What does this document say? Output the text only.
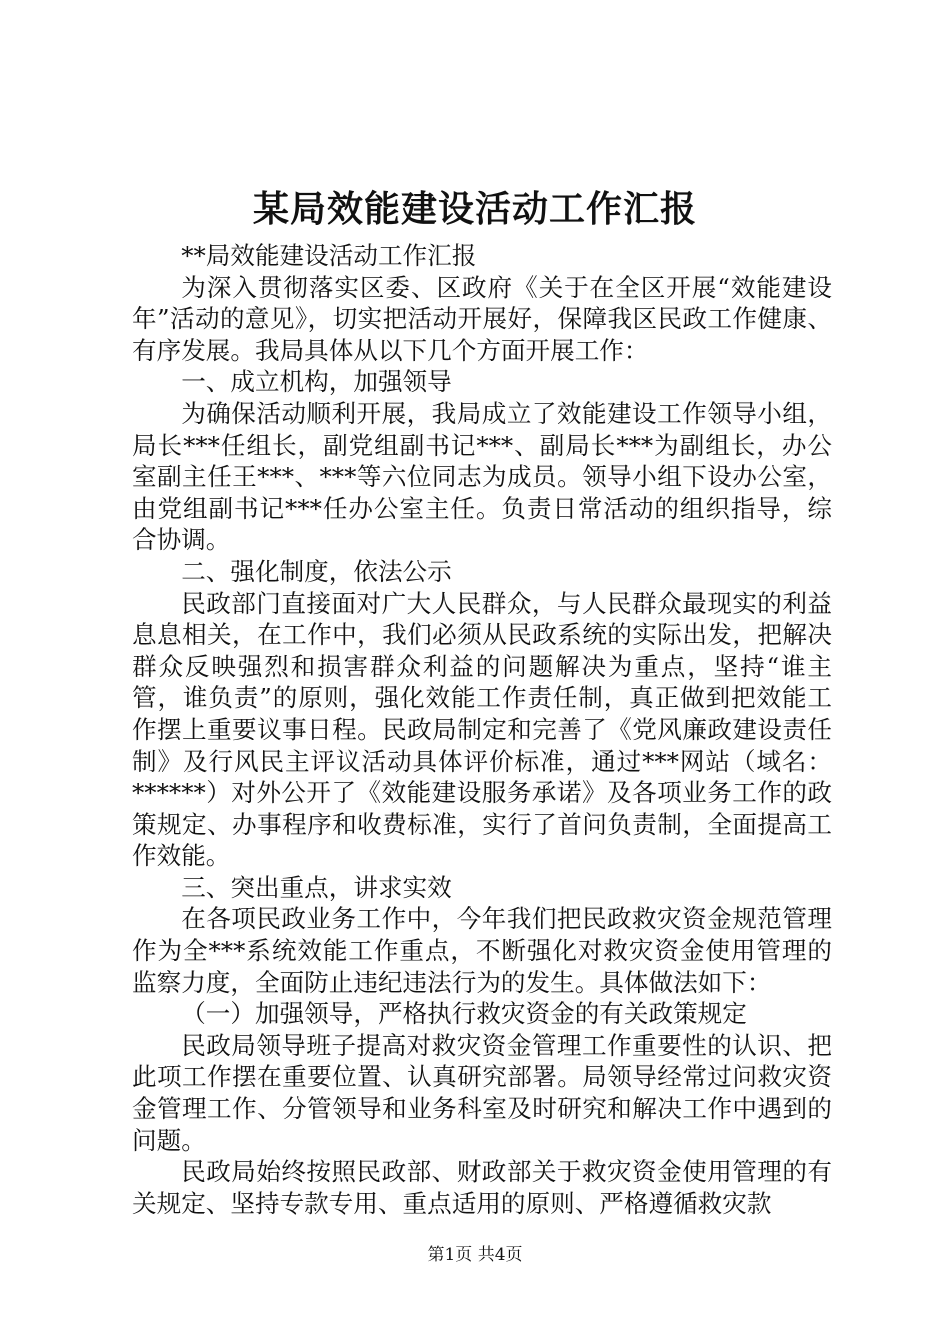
某局效能建设活动工作汇报

**局效能建设活动工作汇报

为深入贯彻落实区委、区政府《关于在全区开展“效能建设年”活动的意见》，切实把活动开展好，保障我区民政工作健康、有序发展。我局具体从以下几个方面开展工作：

一、成立机构，加强领导

为确保活动顺利开展，我局成立了效能建设工作领导小组，局长***任组长，副党组副书记***、副局长***为副组长，办公室副主任王***、***等六位同志为成员。领导小组下设办公室，由党组副书记***任办公室主任。负责日常活动的组织指导，综合协调。

二、强化制度，依法公示

民政部门直接面对广大人民群众，与人民群众最现实的利益息息相关，在工作中，我们必须从民政系统的实际出发，把解决群众反映强烈和损害群众利益的问题解决为重点，坚持“谁主管，谁负责”的原则，强化效能工作责任制，真正做到把效能工作摆上重要议事日程。民政局制定和完善了《党风廉政建设责任制》及行风民主评议活动具体评价标准，通过***网站（域名：******）对外公开了《效能建设服务承诺》及各项业务工作的政策规定、办事程序和收费标准，实行了首问负责制，全面提高工作效能。

三、突出重点，讲求实效

在各项民政业务工作中，今年我们把民政救灾资金规范管理作为全***系统效能工作重点，不断强化对救灾资金使用管理的监察力度，全面防止违纪违法行为的发生。具体做法如下：

（一）加强领导，严格执行救灾资金的有关政策规定

民政局领导班子提高对救灾资金管理工作重要性的认识、把此项工作摆在重要位置、认真研究部署。局领导经常过问救灾资金管理工作、分管领导和业务科室及时研究和解决工作中遇到的问题。

民政局始终按照民政部、财政部关于救灾资金使用管理的有关规定、坚持专款专用、重点适用的原则、严格遵循救灾款

第1页 共4页
